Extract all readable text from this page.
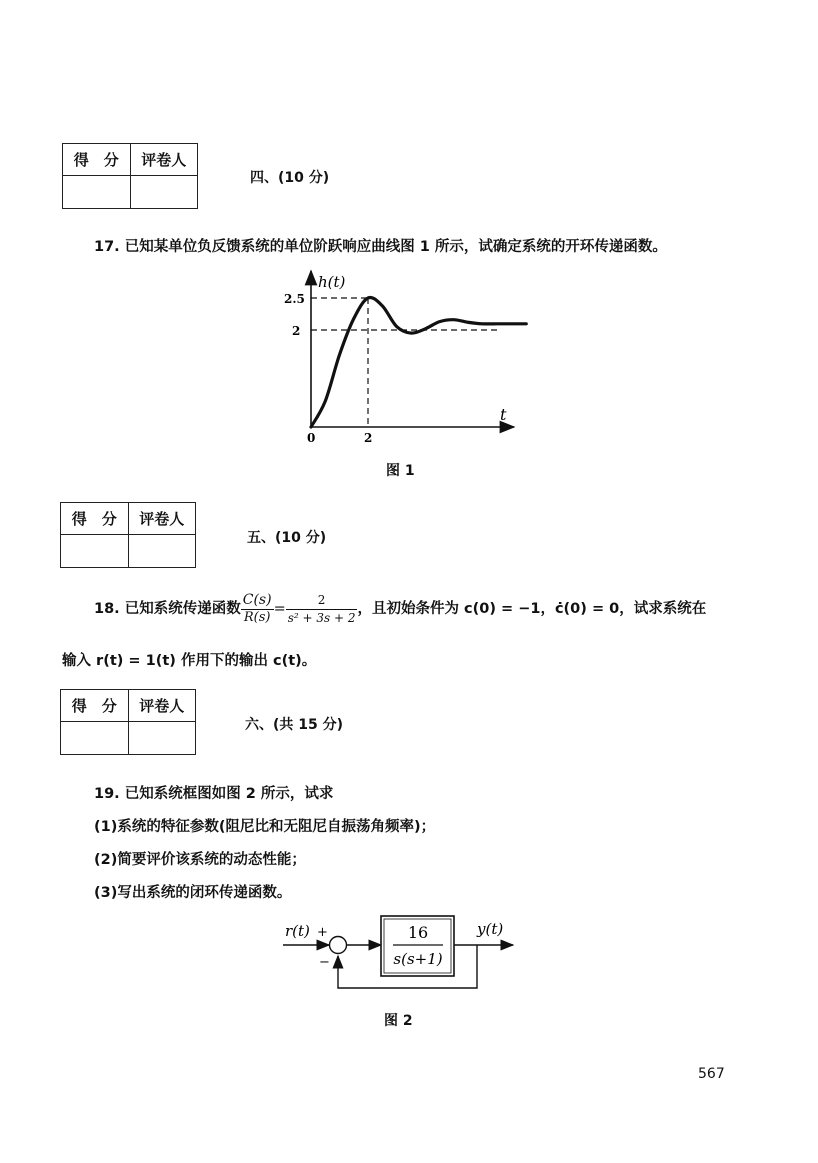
得　分	评卷人

四、(10 分)
17. 已知某单位负反馈系统的单位阶跃响应曲线图 1 所示，试确定系统的开环传递函数。
h(t)
t
2.5
2
0	2
图 1
得　分	评卷人

五、(10 分)
18. 已知系统传递函数 $\frac{C(s)}{R(s)} = \frac{2}{\text{s² + 3s + 2}}$ ，且初始条件为 c(0) = −1，ċ(0) = 0，试求系统在
输入 r(t) = 1(t) 作用下的输出 c(t)。
得　分	评卷人

六、(共 15 分)
19. 已知系统框图如图 2 所示，试求
(1)系统的特征参数(阻尼比和无阻尼自振荡角频率)；
(2)简要评价该系统的动态性能；
(3)写出系统的闭环传递函数。
16
s(s+1)
r(t) +
−
y(t)
图 2
567
